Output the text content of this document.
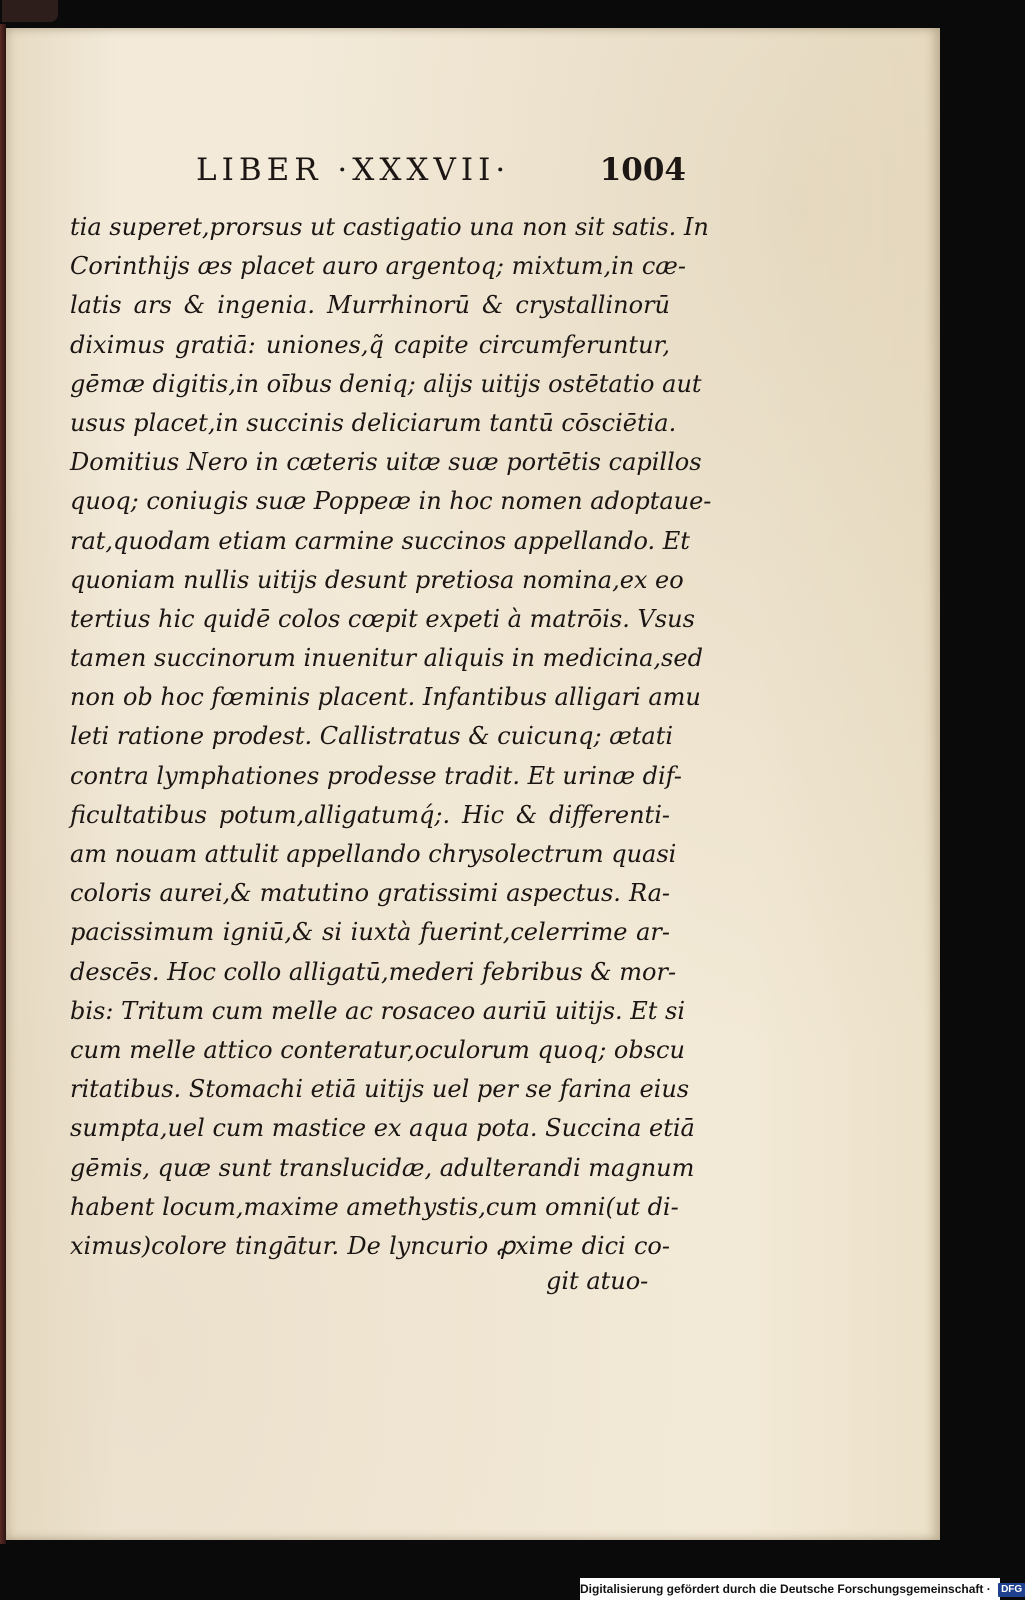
LIBER ·XXXVII·	1004
tia superet,prorsus ut castigatio una non sit satis. In
Corinthijs æs placet auro argentoq; mixtum,in cæ-
latis ars & ingenia. Murrhinorū & crystallinorū
diximus gratiā: uniones,q̃ capite circumferuntur,
gēmæ digitis,in oībus deniq; alijs uitijs ostētatio aut
usus placet,in succinis deliciarum tantū cōsciētia.
Domitius Nero in cæteris uitæ suæ portētis capillos
quoq; coniugis suæ Poppeæ in hoc nomen adoptaue-
rat,quodam etiam carmine succinos appellando. Et
quoniam nullis uitijs desunt pretiosa nomina,ex eo
tertius hic quidē colos cœpit expeti à matrōis. Vsus
tamen succinorum inuenitur aliquis in medicina,sed
non ob hoc fœminis placent. Infantibus alligari amu
leti ratione prodest. Callistratus & cuicunq; ætati
contra lymphationes prodesse tradit. Et urinæ dif-
ficultatibus potum,alligatumq́;. Hic & differenti-
am nouam attulit appellando chrysolectrum quasi
coloris aurei,& matutino gratissimi aspectus. Ra-
pacissimum igniū,& si iuxtà fuerint,celerrime ar-
descēs. Hoc collo alligatū,mederi febribus & mor-
bis: Tritum cum melle ac rosaceo auriū uitijs. Et si
cum melle attico conteratur,oculorum quoq; obscu
ritatibus. Stomachi etiā uitijs uel per se farina eius
sumpta,uel cum mastice ex aqua pota. Succina etiā
gēmis, quæ sunt translucidæ, adulterandi magnum
habent locum,maxime amethystis,cum omni(ut di-
ximus)colore tingātur. De lyncurio ꝓxime dici co-
git atuo-
Digitalisierung gefördert durch die Deutsche Forschungsgemeinschaft · DFG
